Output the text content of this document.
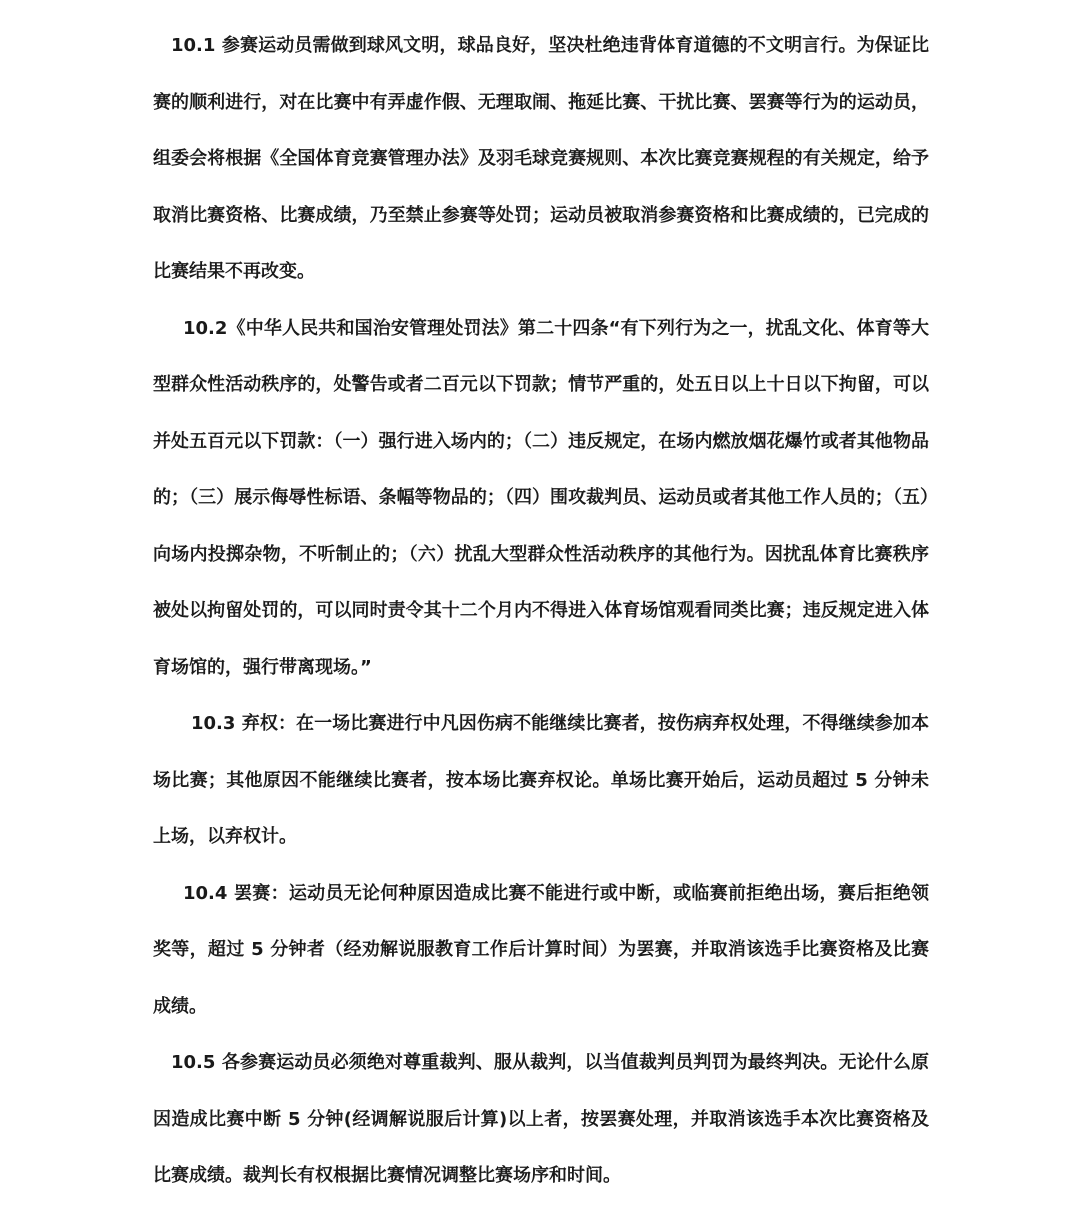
10.1 参赛运动员需做到球风文明，球品良好，坚决杜绝违背体育道德的不文明言行。为保证比赛的顺利进行，对在比赛中有弄虚作假、无理取闹、拖延比赛、干扰比赛、罢赛等行为的运动员，组委会将根据《全国体育竞赛管理办法》及羽毛球竞赛规则、本次比赛竞赛规程的有关规定，给予取消比赛资格、比赛成绩，乃至禁止参赛等处罚；运动员被取消参赛资格和比赛成绩的，已完成的比赛结果不再改变。

10.2《中华人民共和国治安管理处罚法》第二十四条“有下列行为之一，扰乱文化、体育等大型群众性活动秩序的，处警告或者二百元以下罚款；情节严重的，处五日以上十日以下拘留，可以并处五百元以下罚款：（一）强行进入场内的；（二）违反规定，在场内燃放烟花爆竹或者其他物品的；（三）展示侮辱性标语、条幅等物品的；（四）围攻裁判员、运动员或者其他工作人员的；（五）向场内投掷杂物，不听制止的；（六）扰乱大型群众性活动秩序的其他行为。因扰乱体育比赛秩序被处以拘留处罚的，可以同时责令其十二个月内不得进入体育场馆观看同类比赛；违反规定进入体育场馆的，强行带离现场。”

10.3 弃权：在一场比赛进行中凡因伤病不能继续比赛者，按伤病弃权处理，不得继续参加本场比赛；其他原因不能继续比赛者，按本场比赛弃权论。单场比赛开始后，运动员超过 5 分钟未上场，以弃权计。

10.4 罢赛：运动员无论何种原因造成比赛不能进行或中断，或临赛前拒绝出场，赛后拒绝领奖等，超过 5 分钟者（经劝解说服教育工作后计算时间）为罢赛，并取消该选手比赛资格及比赛成绩。

10.5 各参赛运动员必须绝对尊重裁判、服从裁判，以当值裁判员判罚为最终判决。无论什么原因造成比赛中断 5 分钟(经调解说服后计算)以上者，按罢赛处理，并取消该选手本次比赛资格及比赛成绩。裁判长有权根据比赛情况调整比赛场序和时间。
